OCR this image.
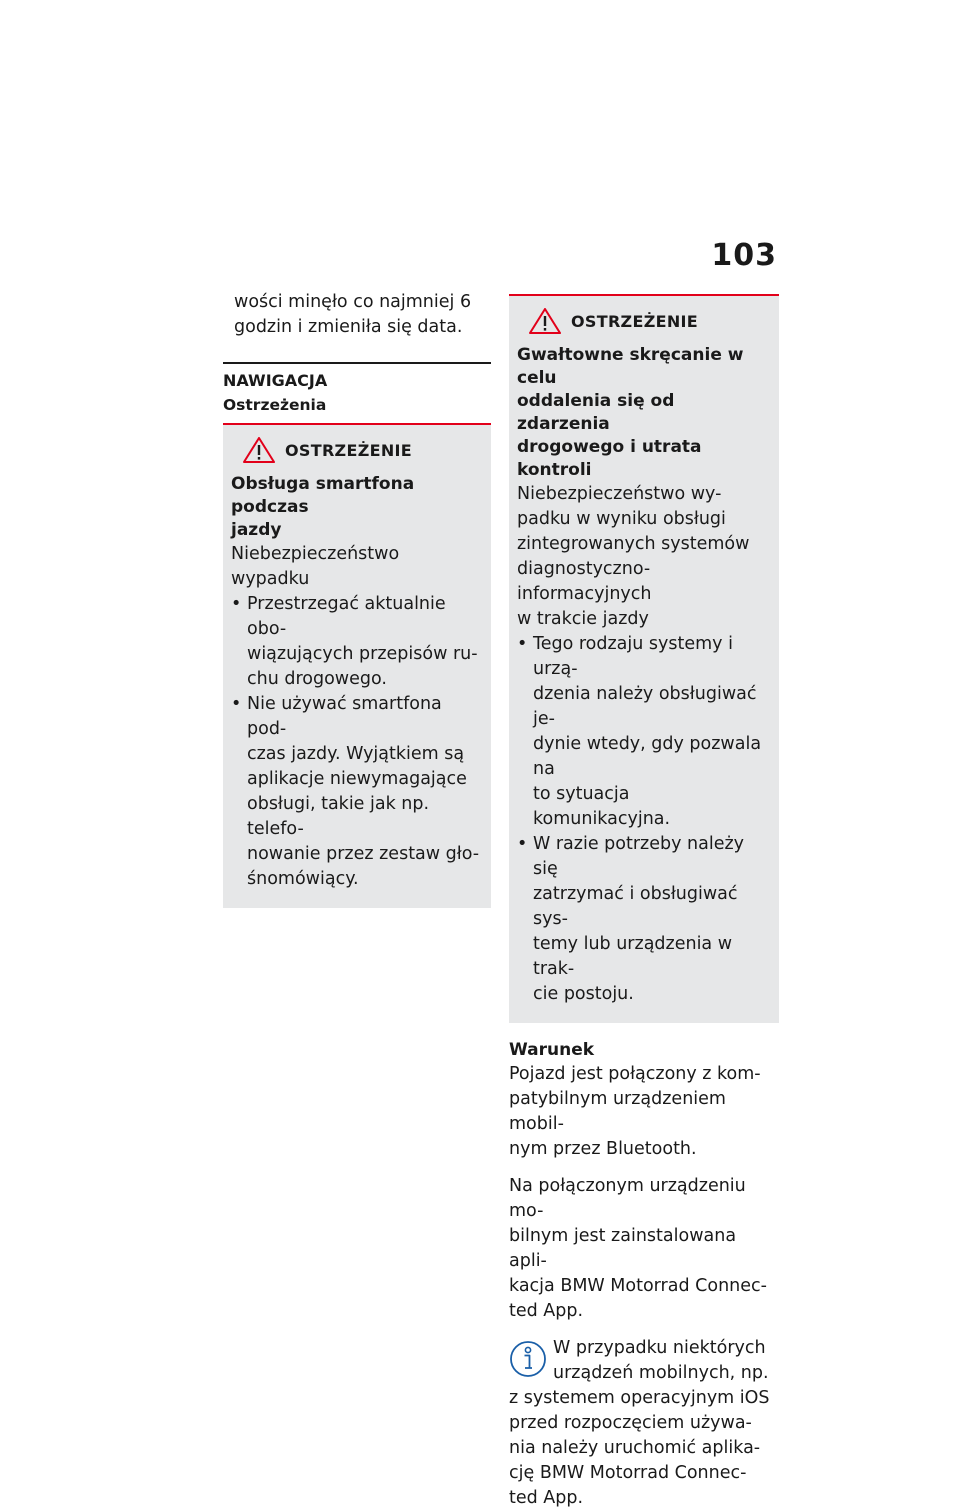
103

wości minęło co najmniej 6

godzin i zmieniła się data.

NAWIGACJA
Ostrzeżenia
OSTRZEŻENIE

Obsługa smartfona podczas

jazdy

Niebezpieczeństwo wypadku

• Przestrzegać aktualnie obo-
wiązujących przepisów ru-
chu drogowego.
• Nie używać smartfona pod-
czas jazdy. Wyjątkiem są
aplikacje niewymagające
obsługi, takie jak np. telefo-
nowanie przez zestaw gło-
śnomówiący.
OSTRZEŻENIE

Gwałtowne skręcanie w celu

oddalenia się od zdarzenia

drogowego i utrata kontroli

Niebezpieczeństwo wy-

padku w wyniku obsługi

zintegrowanych systemów

diagnostyczno-informacyjnych

w trakcie jazdy

• Tego rodzaju systemy i urzą-
dzenia należy obsługiwać je-
dynie wtedy, gdy pozwala na
to sytuacja komunikacyjna.
• W razie potrzeby należy się
zatrzymać i obsługiwać sys-
temy lub urządzenia w trak-
cie postoju.
Warunek

Pojazd jest połączony z kom-

patybilnym urządzeniem mobil-

nym przez Bluetooth.

Na połączonym urządzeniu mo-

bilnym jest zainstalowana apli-

kacja BMW Motorrad Connec-

ted App.

W przypadku niektórych

urządzeń mobilnych, np.

z systemem operacyjnym iOS

przed rozpoczęciem używa-

nia należy uruchomić aplika-

cję BMW Motorrad Connec-

ted App.
